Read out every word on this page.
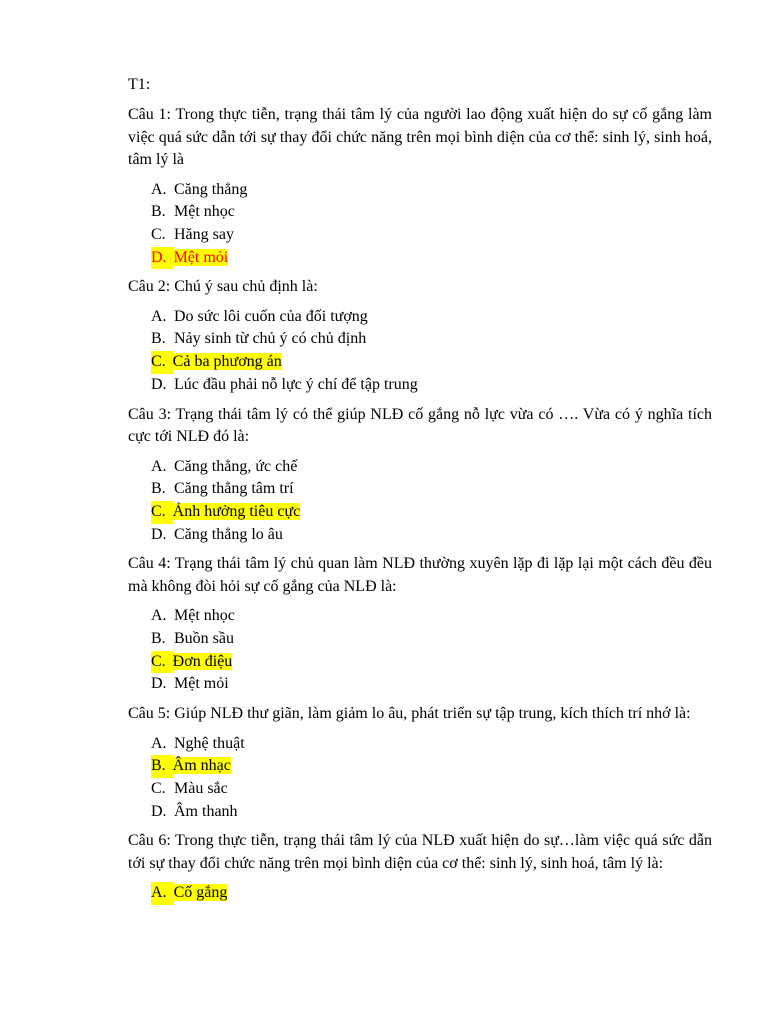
T1:

Câu 1: Trong thực tiễn, trạng thái tâm lý của người lao động xuất hiện do sự cố gắng làm việc quá sức dẫn tới sự thay đổi chức năng trên mọi bình diện của cơ thể: sinh lý, sinh hoá, tâm lý là

A. Căng thẳng
B. Mệt nhọc
C. Hăng say
D. Mệt mỏi

Câu 2: Chú ý sau chủ định là:

A. Do sức lôi cuốn của đối tượng
B. Nảy sinh từ chủ ý có chủ định
C. Cả ba phương án
D. Lúc đầu phải nỗ lực ý chí để tập trung

Câu 3: Trạng thái tâm lý có thể giúp NLĐ cố gắng nỗ lực vừa có …. Vừa có ý nghĩa tích cực tới NLĐ đó là:

A. Căng thẳng, ức chế
B. Căng thẳng tâm trí
C. Ảnh hưởng tiêu cực
D. Căng thẳng lo âu

Câu 4: Trạng thái tâm lý chủ quan làm NLĐ thường xuyên lặp đi lặp lại một cách đều đều mà không đòi hỏi sự cố gắng của NLĐ là:

A. Mệt nhọc
B. Buồn sầu
C. Đơn điệu
D. Mệt mỏi

Câu 5: Giúp NLĐ thư giãn, làm giảm lo âu, phát triển sự tập trung, kích thích trí nhớ là:

A. Nghệ thuật
B. Âm nhạc
C. Màu sắc
D. Âm thanh

Câu 6: Trong thực tiễn, trạng thái tâm lý của NLĐ xuất hiện do sự…làm việc quá sức dẫn tới sự thay đổi chức năng trên mọi bình diện của cơ thể: sinh lý, sinh hoá, tâm lý là:

A. Cố gắng
